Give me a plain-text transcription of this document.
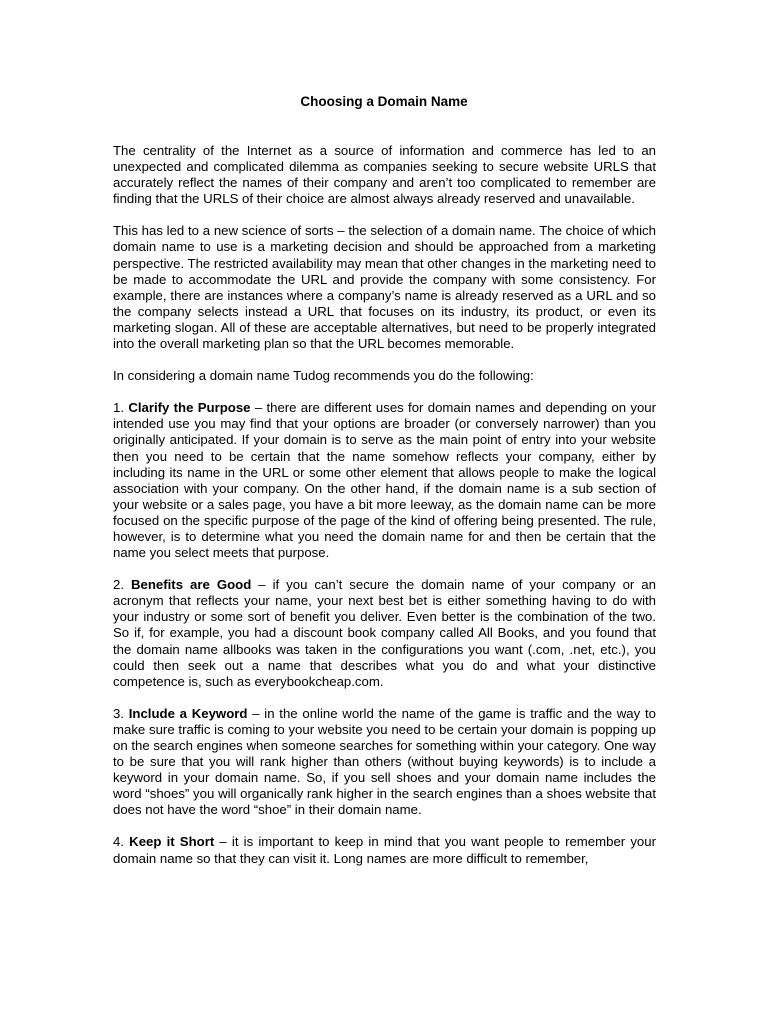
Choosing a Domain Name

The centrality of the Internet as a source of information and commerce has led to an unexpected and complicated dilemma as companies seeking to secure website URLS that accurately reflect the names of their company and aren’t too complicated to remember are finding that the URLS of their choice are almost always already reserved and unavailable.

This has led to a new science of sorts – the selection of a domain name. The choice of which domain name to use is a marketing decision and should be approached from a marketing perspective. The restricted availability may mean that other changes in the marketing need to be made to accommodate the URL and provide the company with some consistency. For example, there are instances where a company’s name is already reserved as a URL and so the company selects instead a URL that focuses on its industry, its product, or even its marketing slogan. All of these are acceptable alternatives, but need to be properly integrated into the overall marketing plan so that the URL becomes memorable.

In considering a domain name Tudog recommends you do the following:

1. Clarify the Purpose – there are different uses for domain names and depending on your intended use you may find that your options are broader (or conversely narrower) than you originally anticipated. If your domain is to serve as the main point of entry into your website then you need to be certain that the name somehow reflects your company, either by including its name in the URL or some other element that allows people to make the logical association with your company. On the other hand, if the domain name is a sub section of your website or a sales page, you have a bit more leeway, as the domain name can be more focused on the specific purpose of the page of the kind of offering being presented. The rule, however, is to determine what you need the domain name for and then be certain that the name you select meets that purpose.

2. Benefits are Good – if you can’t secure the domain name of your company or an acronym that reflects your name, your next best bet is either something having to do with your industry or some sort of benefit you deliver. Even better is the combination of the two. So if, for example, you had a discount book company called All Books, and you found that the domain name allbooks was taken in the configurations you want (.com, .net, etc.), you could then seek out a name that describes what you do and what your distinctive competence is, such as everybookcheap.com.

3. Include a Keyword – in the online world the name of the game is traffic and the way to make sure traffic is coming to your website you need to be certain your domain is popping up on the search engines when someone searches for something within your category. One way to be sure that you will rank higher than others (without buying keywords) is to include a keyword in your domain name. So, if you sell shoes and your domain name includes the word “shoes” you will organically rank higher in the search engines than a shoes website that does not have the word “shoe” in their domain name.

4. Keep it Short – it is important to keep in mind that you want people to remember your domain name so that they can visit it. Long names are more difficult to remember,
